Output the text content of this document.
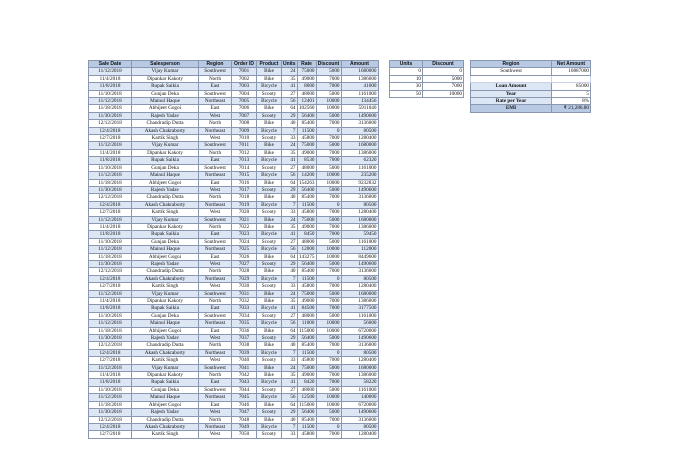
Sale Date	Salesperson	Region	Order ID	Product	Units	Rate	Discount	Amount
11/12/2018	Vijay Kumar	Southwest	7001	Bike	24	75000	5000	1680000
11/4/2018	Dipankar Kakoty	North	7002	Bike	35	49000	7000	1386000
11/8/2018	Rupak Saikia	East	7003	Bicycle	41	8000	7000	41000
11/10/2018	Gunjan Deka	Southwest	7004	Scooty	27	48000	5000	1161000
11/12/2018	Mainul Haque	Northeast	7005	Bicycle	56	12401	10000	134456
11/18/2018	Abhijeet Gogoi	East	7006	Bike	64	102560	10000	5911040
11/30/2018	Rajesh Yadav	West	7007	Scooty	29	56400	5000	1490600
12/12/2018	Chandradip Dutta	North	7008	Bike	40	85400	7000	3136000
12/4/2018	Akash Chakraborty	Northeast	7009	Bicycle	7	11500	0	80500
12/7/2018	Kartik Singh	West	7010	Scooty	33	45800	7000	1280400
11/12/2018	Vijay Kumar	Southwest	7011	Bike	24	75000	5000	1680000
11/4/2018	Dipankar Kakoty	North	7012	Bike	35	49000	7000	1386000
11/8/2018	Rupak Saikia	East	7013	Bicycle	41	8530	7000	62320
11/10/2018	Gunjan Deka	Southwest	7014	Scooty	27	48000	5000	1161000
11/12/2018	Mainul Haque	Northeast	7015	Bicycle	56	14200	10000	235200
11/18/2018	Abhijeet Gogoi	East	7016	Bike	64	154263	10000	9232832
11/30/2018	Rajesh Yadav	West	7017	Scooty	29	56400	5000	1490600
12/12/2018	Chandradip Dutta	North	7018	Bike	40	85400	7000	3136000
12/4/2018	Akash Chakraborty	Northeast	7019	Bicycle	7	11500	0	80500
12/7/2018	Kartik Singh	West	7020	Scooty	33	45800	7000	1280400
11/12/2018	Vijay Kumar	Southwest	7021	Bike	24	75000	5000	1680000
11/4/2018	Dipankar Kakoty	North	7022	Bike	35	49000	7000	1386000
11/8/2018	Rupak Saikia	East	7023	Bicycle	41	8450	7000	59450
11/10/2018	Gunjan Deka	Southwest	7024	Scooty	27	48000	5000	1161000
11/12/2018	Mainul Haque	Northeast	7025	Bicycle	56	12000	10000	112000
11/18/2018	Abhijeet Gogoi	East	7026	Bike	64	143275	10000	8449600
11/30/2018	Rajesh Yadav	West	7027	Scooty	29	56400	5000	1490600
12/12/2018	Chandradip Dutta	North	7028	Bike	40	85400	7000	3136000
12/4/2018	Akash Chakraborty	Northeast	7029	Bicycle	7	11500	0	80500
12/7/2018	Kartik Singh	West	7030	Scooty	33	45800	7000	1280400
11/12/2018	Vijay Kumar	Southwest	7031	Bike	24	75000	5000	1680000
11/4/2018	Dipankar Kakoty	North	7032	Bike	35	49000	7000	1386000
11/8/2018	Rupak Saikia	East	7033	Bicycle	41	84500	7000	3177500
11/10/2018	Gunjan Deka	Southwest	7034	Scooty	27	48000	5000	1161000
11/12/2018	Mainul Haque	Northeast	7035	Bicycle	56	11000	10000	56000
11/18/2018	Abhijeet Gogoi	East	7036	Bike	64	115000	10000	6720000
11/30/2018	Rajesh Yadav	West	7037	Scooty	29	56400	5000	1490600
12/12/2018	Chandradip Dutta	North	7038	Bike	40	85400	7000	3136000
12/4/2018	Akash Chakraborty	Northeast	7039	Bicycle	7	11500	0	80500
12/7/2018	Kartik Singh	West	7040	Scooty	33	45800	7000	1280400
11/12/2018	Vijay Kumar	Southwest	7041	Bike	24	75000	5000	1680000
11/4/2018	Dipankar Kakoty	North	7042	Bike	35	49000	7000	1386000
11/8/2018	Rupak Saikia	East	7043	Bicycle	41	8420	7000	58220
11/10/2018	Gunjan Deka	Southwest	7044	Scooty	27	48000	5000	1161000
11/12/2018	Mainul Haque	Northeast	7045	Bicycle	56	12500	10000	140000
11/18/2018	Abhijeet Gogoi	East	7046	Bike	64	115000	10000	6720000
11/30/2018	Rajesh Yadav	West	7047	Scooty	29	56400	5000	1490600
12/12/2018	Chandradip Dutta	North	7048	Bike	40	85400	7000	3136000
12/4/2018	Akash Chakraborty	Northeast	7049	Bicycle	7	11500	0	80500
12/7/2018	Kartik Singh	West	7050	Scooty	33	45800	7000	1280400
Units	Discount
0	0
10	5000
30	7000
50	10000
Region	Net Amount
Southwest	10887000

Loan Amount	85000
Year	5
Rate per Year	8%
EMI	₹ 21,286.80
